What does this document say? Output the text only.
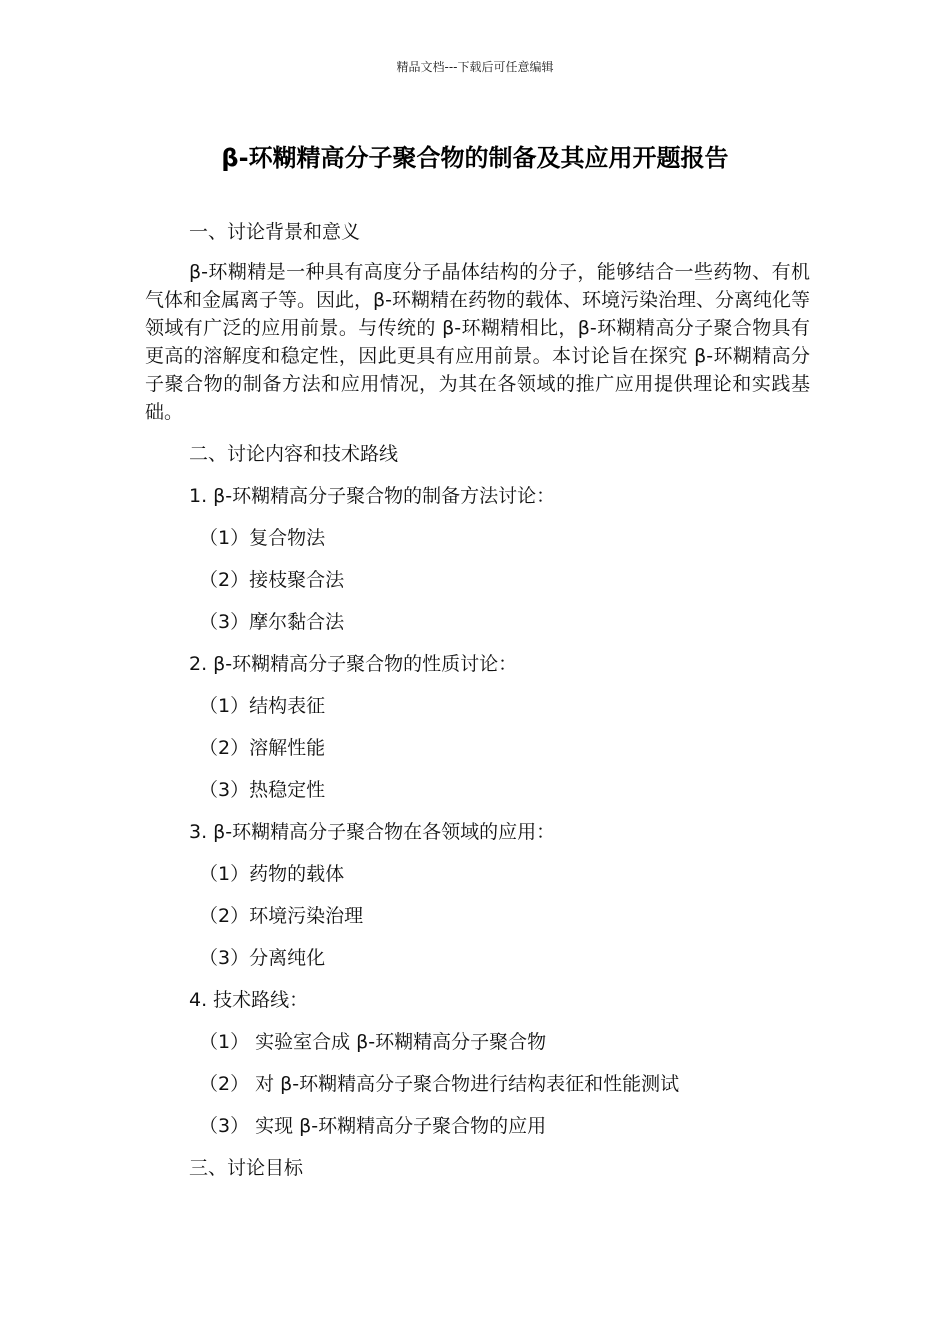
精品文档---下载后可任意编辑
β-环糊精高分子聚合物的制备及其应用开题报告
一、讨论背景和意义

β-环糊精是一种具有高度分子晶体结构的分子，能够结合一些药物、有机气体和金属离子等。因此，β-环糊精在药物的载体、环境污染治理、分离纯化等领域有广泛的应用前景。与传统的 β-环糊精相比，β-环糊精高分子聚合物具有更高的溶解度和稳定性，因此更具有应用前景。本讨论旨在探究 β-环糊精高分子聚合物的制备方法和应用情况，为其在各领域的推广应用提供理论和实践基础。

二、讨论内容和技术路线
1. β-环糊精高分子聚合物的制备方法讨论：
（1）复合物法
（2）接枝聚合法
（3）摩尔黏合法
2. β-环糊精高分子聚合物的性质讨论：
（1）结构表征
（2）溶解性能
（3）热稳定性
3. β-环糊精高分子聚合物在各领域的应用：
（1）药物的载体
（2）环境污染治理
（3）分离纯化
4. 技术路线：
（1） 实验室合成 β-环糊精高分子聚合物
（2） 对 β-环糊精高分子聚合物进行结构表征和性能测试
（3） 实现 β-环糊精高分子聚合物的应用
三、讨论目标
